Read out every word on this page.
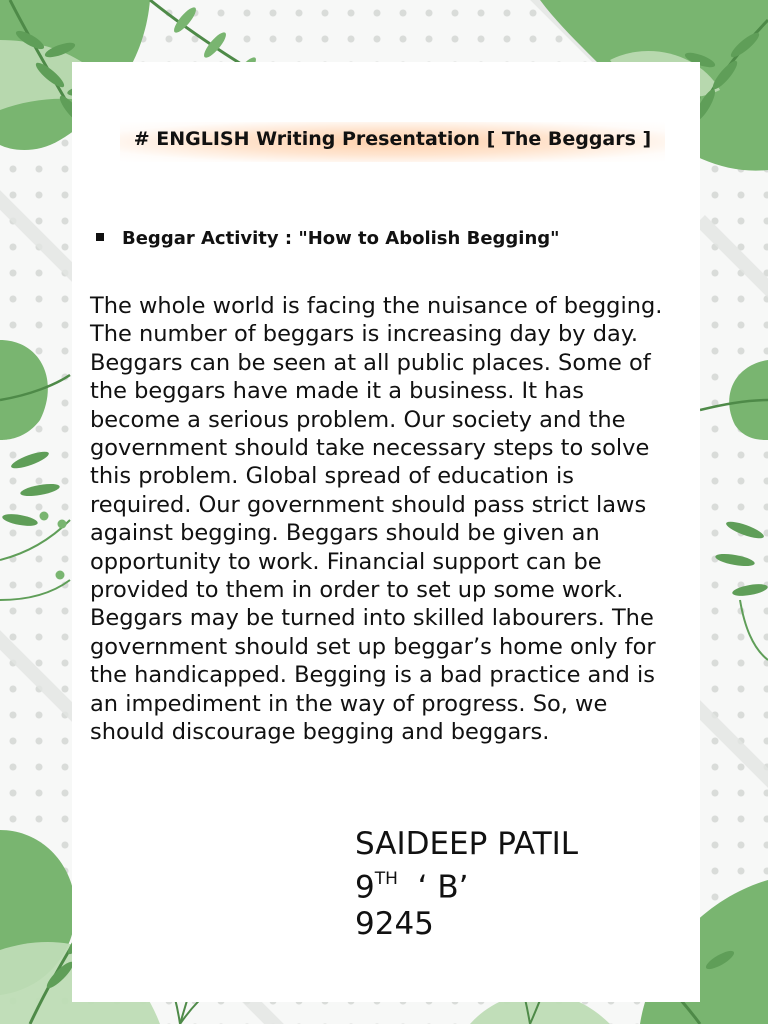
# ENGLISH Writing Presentation [ The Beggars ]
Beggar Activity : "How to Abolish Begging"

The whole world is facing the nuisance of begging. The number of beggars is increasing day by day. Beggars can be seen at all public places. Some of the beggars have made it a business. It has become a serious problem. Our society and the government should take necessary steps to solve this problem. Global spread of education is required. Our government should pass strict laws against begging. Beggars should be given an opportunity to work. Financial support can be provided to them in order to set up some work. Beggars may be turned into skilled labourers. The government should set up beggar’s home only for the handicapped. Begging is a bad practice and is an impediment in the way of progress. So, we should discourage begging and beggars.

SAIDEEP PATIL
9TH  ‘ B’
9245
